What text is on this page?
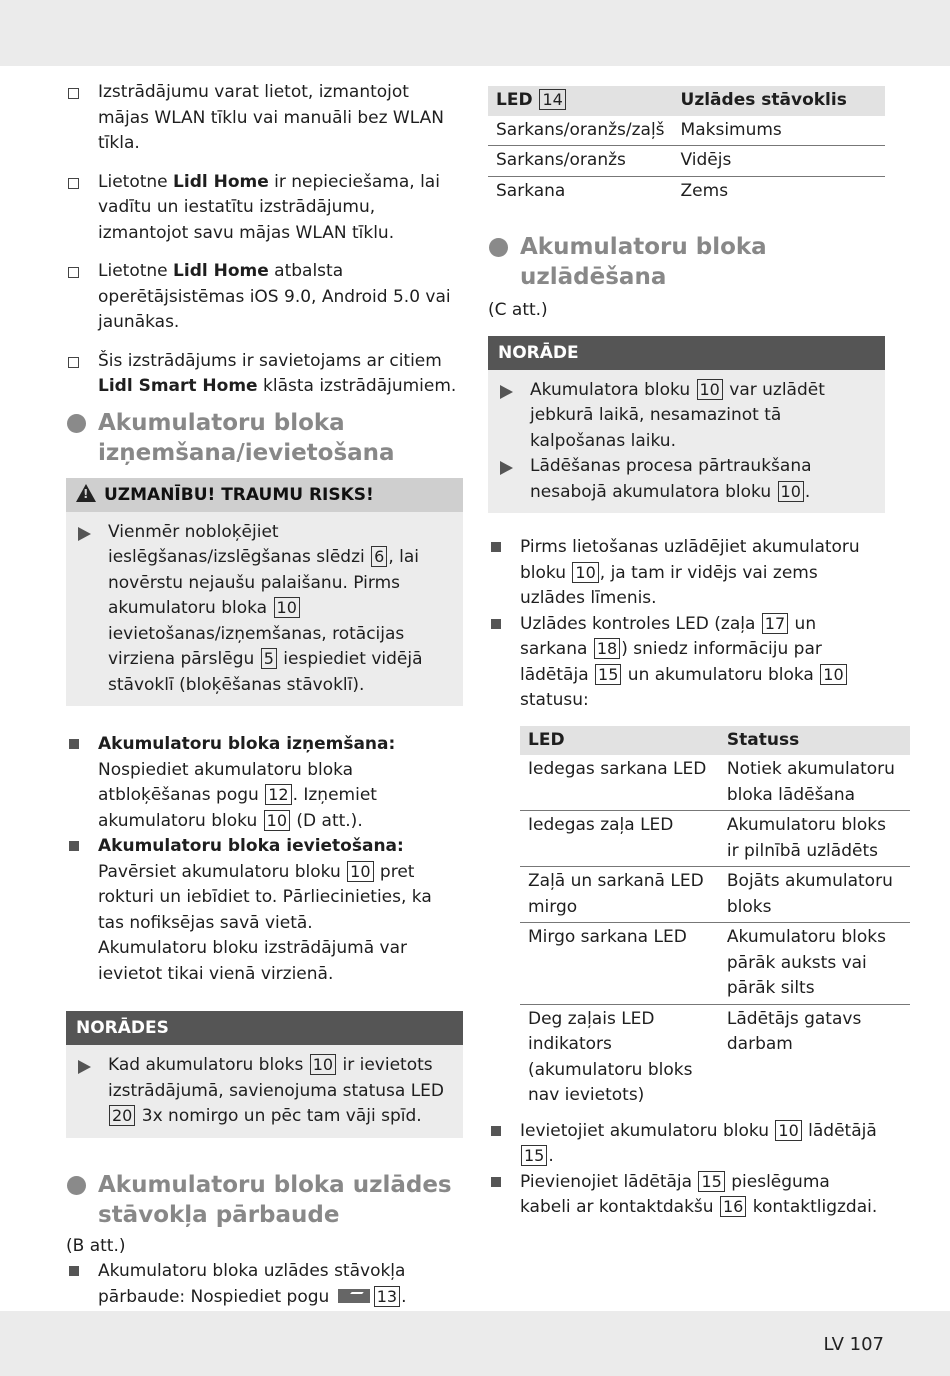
Izstrādājumu varat lietot, izmantojot mājas WLAN tīklu vai manuāli bez WLAN tīkla.
Lietotne Lidl Home ir nepieciešama, lai vadītu un iestatītu izstrādājumu, izmantojot savu mājas WLAN tīklu.
Lietotne Lidl Home atbalsta operētājsistēmas iOS 9.0, Android 5.0 vai jaunākas.
Šis izstrādājums ir savietojams ar citiem Lidl Smart Home klāsta izstrādājumiem.
Akumulatoru bloka izņemšana/ievietošana
!UZMANĪBU! TRAUMU RISKS!
Vienmēr nobloķējiet ieslēgšanas/izslēgšanas slēdzi 6 , lai novērstu nejaušu palaišanu. Pirms akumulatoru bloka 10 ievietošanas/izņemšanas, rotācijas virziena pārslēgu 5 iespiediet vidējā stāvoklī (bloķēšanas stāvoklī).
Akumulatoru bloka izņemšana:
Nospiediet akumulatoru bloka atbloķēšanas pogu 12 . Izņemiet akumulatoru bloku 10 (D att.).
Akumulatoru bloka ievietošana:
Pavērsiet akumulatoru bloku 10 pret rokturi un iebīdiet to. Pārliecinieties, ka tas nofiksējas savā vietā.
Akumulatoru bloku izstrādājumā var ievietot tikai vienā virzienā.
NORĀDES
Kad akumulatoru bloks 10 ir ievietots izstrādājumā, savienojuma statusa LED 20 3x nomirgo un pēc tam vāji spīd.
Akumulatoru bloka uzlādes stāvokļa pārbaude
(B att.)
Akumulatoru bloka uzlādes stāvokļa pārbaude: Nospiediet pogu	13 .
LED 14	Uzlādes stāvoklis
Sarkans/oranžs/zaļš	Maksimums
Sarkans/oranžs	Vidējs
Sarkana	Zems
Akumulatoru bloka uzlādēšana
(C att.)
NORĀDE
Akumulatora bloku 10 var uzlādēt jebkurā laikā, nesamazinot tā kalpošanas laiku.
Lādēšanas procesa pārtraukšana nesabojā akumulatora bloku 10 .
Pirms lietošanas uzlādējiet akumulatoru bloku 10 , ja tam ir vidējs vai zems uzlādes līmenis.
Uzlādes kontroles LED (zaļa 17 un sarkana 18 ) sniedz informāciju par lādētāja 15 un akumulatoru bloka 10 statusu:
LED	Statuss
Iedegas sarkana LED	Notiek akumulatoru bloka lādēšana
Iedegas zaļa LED	Akumulatoru bloks ir pilnībā uzlādēts
Zaļā un sarkanā LED mirgo	Bojāts akumulatoru bloks
Mirgo sarkana LED	Akumulatoru bloks pārāk auksts vai pārāk silts
Deg zaļais LED indikators (akumulatoru bloks nav ievietots)	Lādētājs gatavs darbam
Ievietojiet akumulatoru bloku 10 lādētājā 15 .
Pievienojiet lādētāja 15 pieslēguma kabeli ar kontaktdakšu 16 kontaktligzdai.
LV 107
